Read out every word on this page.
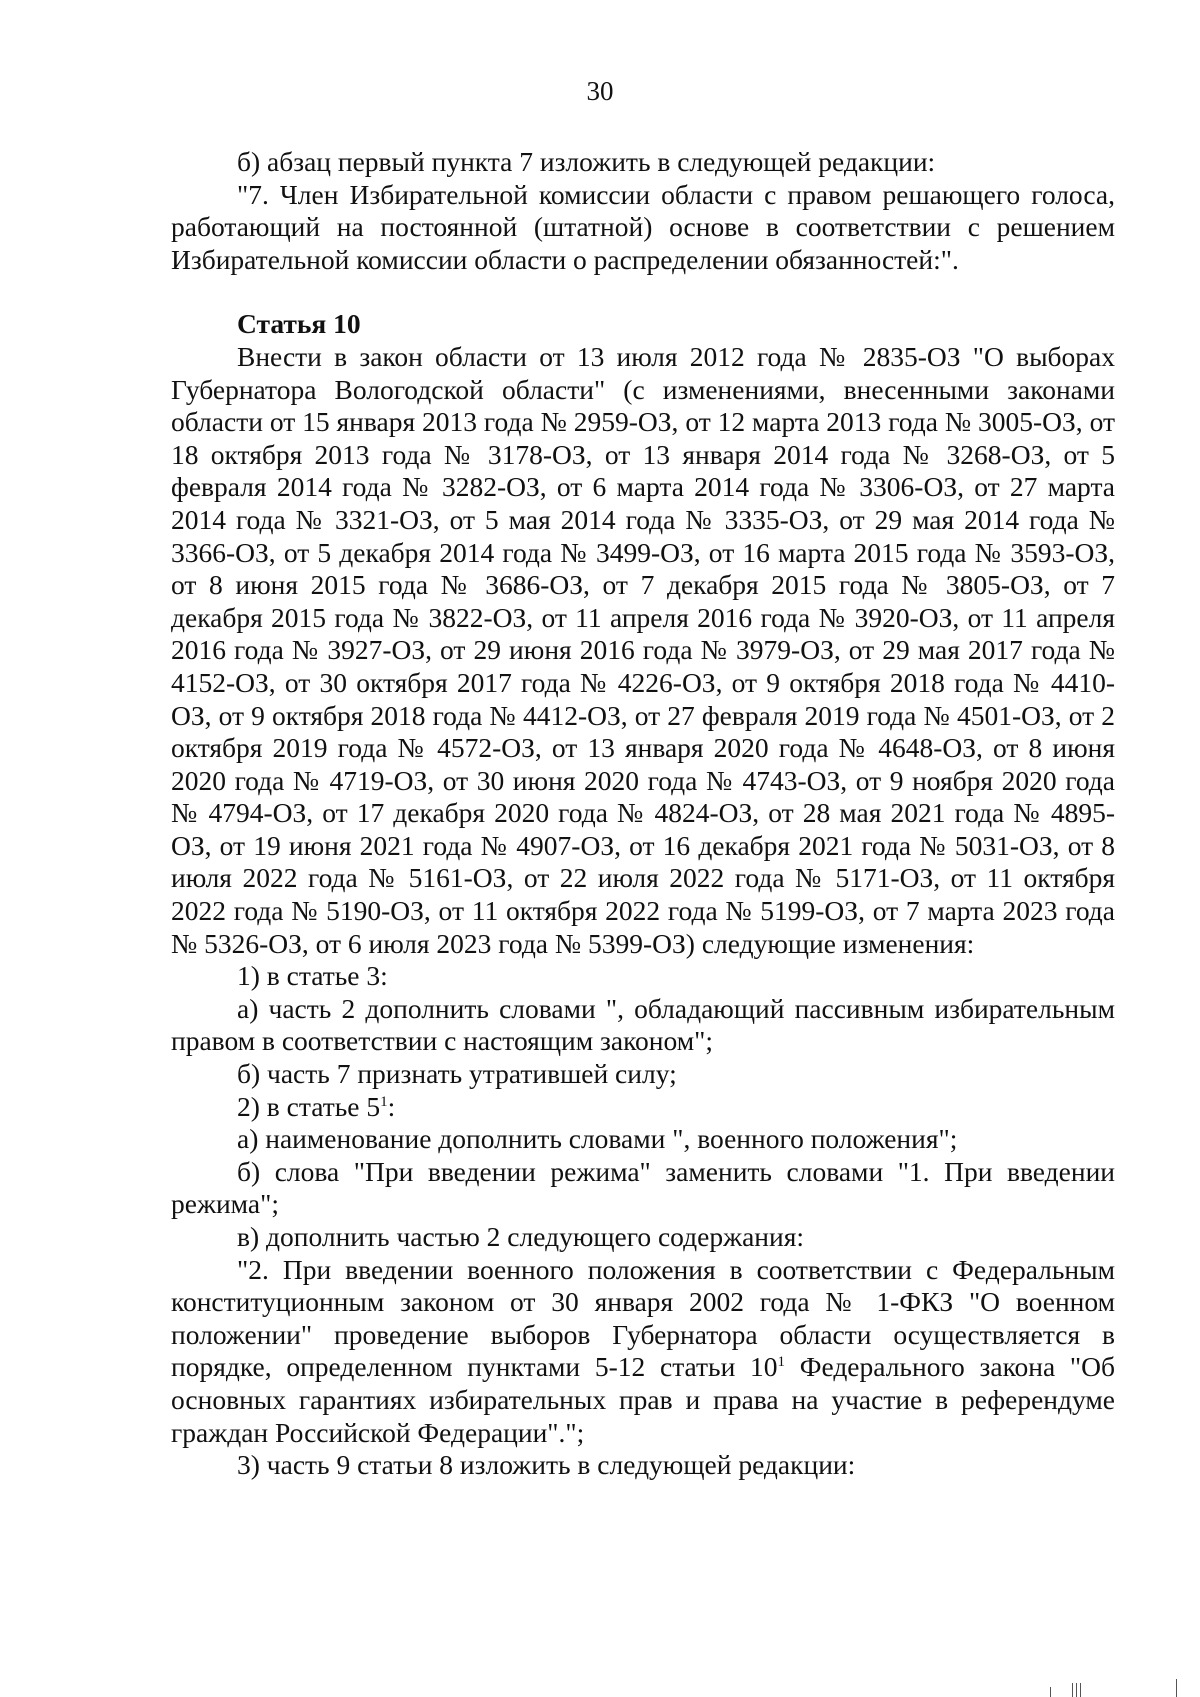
30

б) абзац первый пункта 7 изложить в следующей редакции:

"7. Член Избирательной комиссии области с правом решающего голоса, работающий на постоянной (штатной) основе в соответствии с решением Избирательной комиссии области о распределении обязанностей:".

Статья 10

Внести в закон области от 13 июля 2012 года № 2835-ОЗ "О выборах Губернатора Вологодской области" (с изменениями, внесенными законами области от 15 января 2013 года № 2959-ОЗ, от 12 марта 2013 года № 3005-ОЗ, от 18 октября 2013 года № 3178-ОЗ, от 13 января 2014 года № 3268-ОЗ, от 5 февраля 2014 года № 3282-ОЗ, от 6 марта 2014 года № 3306-ОЗ, от 27 марта 2014 года № 3321-ОЗ, от 5 мая 2014 года № 3335-ОЗ, от 29 мая 2014 года № 3366-ОЗ, от 5 декабря 2014 года № 3499-ОЗ, от 16 марта 2015 года № 3593-ОЗ, от 8 июня 2015 года № 3686-ОЗ, от 7 декабря 2015 года № 3805-ОЗ, от 7 декабря 2015 года № 3822-ОЗ, от 11 апреля 2016 года № 3920-ОЗ, от 11 апреля 2016 года № 3927-ОЗ, от 29 июня 2016 года № 3979-ОЗ, от 29 мая 2017 года № 4152-ОЗ, от 30 октября 2017 года № 4226-ОЗ, от 9 октября 2018 года № 4410-ОЗ, от 9 октября 2018 года № 4412-ОЗ, от 27 февраля 2019 года № 4501-ОЗ, от 2 октября 2019 года № 4572-ОЗ, от 13 января 2020 года № 4648-ОЗ, от 8 июня 2020 года № 4719-ОЗ, от 30 июня 2020 года № 4743-ОЗ, от 9 ноября 2020 года № 4794-ОЗ, от 17 декабря 2020 года № 4824-ОЗ, от 28 мая 2021 года № 4895-ОЗ, от 19 июня 2021 года № 4907-ОЗ, от 16 декабря 2021 года № 5031-ОЗ, от 8 июля 2022 года № 5161-ОЗ, от 22 июля 2022 года № 5171-ОЗ, от 11 октября 2022 года № 5190-ОЗ, от 11 октября 2022 года № 5199-ОЗ, от 7 марта 2023 года № 5326-ОЗ, от 6 июля 2023 года № 5399-ОЗ) следующие изменения:

1) в статье 3:

а) часть 2 дополнить словами ", обладающий пассивным избирательным правом в соответствии с настоящим законом";

б) часть 7 признать утратившей силу;

2) в статье $5^1$:

а) наименование дополнить словами ", военного положения";

б) слова "При введении режима" заменить словами "1. При введении режима";

в) дополнить частью 2 следующего содержания:

"2. При введении военного положения в соответствии с Федеральным конституционным законом от 30 января 2002 года № 1-ФКЗ "О военном положении" проведение выборов Губернатора области осуществляется в порядке, определенном пунктами 5-12 статьи $10^1$ Федерального закона "Об основных гарантиях избирательных прав и права на участие в референдуме граждан Российской Федерации".";

3) часть 9 статьи 8 изложить в следующей редакции:
